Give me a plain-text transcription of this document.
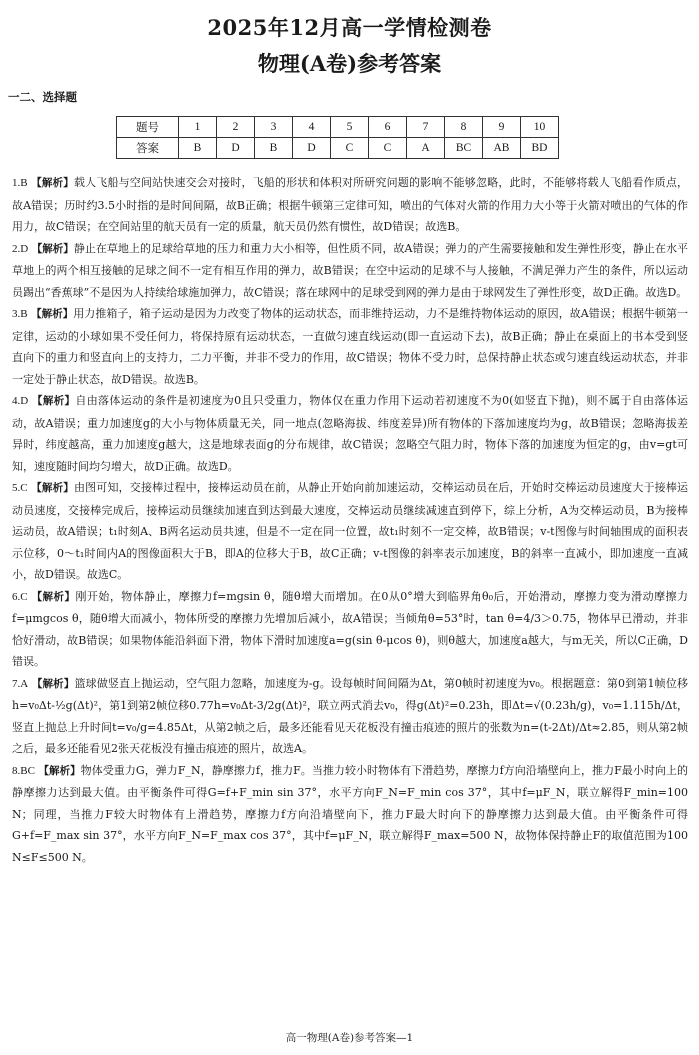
2025年12月高一学情检测卷
物理(A卷)参考答案

一二、选择题

题号	1	2	3	4	5	6	7	8	9	10
答案	B	D	B	D	C	C	A	BC	AB	BD

1.B 【解析】载人飞船与空间站快速交会对接时，飞船的形状和体积对所研究问题的影响不能够忽略，此时，不能够将载人飞船看作质点，故A错误；历时约3.5小时指的是时间间隔，故B正确；根据牛顿第三定律可知，喷出的气体对火箭的作用力大小等于火箭对喷出的气体的作用力，故C错误；在空间站里的航天员有一定的质量，航天员仍然有惯性，故D错误；故选B。

2.D 【解析】静止在草地上的足球给草地的压力和重力大小相等，但性质不同，故A错误；弹力的产生需要接触和发生弹性形变，静止在水平草地上的两个相互接触的足球之间不一定有相互作用的弹力，故B错误；在空中运动的足球不与人接触，不满足弹力产生的条件，所以运动员踢出“香蕉球”不是因为人持续给球施加弹力，故C错误；落在球网中的足球受到网的弹力是由于球网发生了弹性形变，故D正确。故选D。

3.B 【解析】用力推箱子，箱子运动是因为力改变了物体的运动状态，而非维持运动，力不是维持物体运动的原因，故A错误；根据牛顿第一定律，运动的小球如果不受任何力，将保持原有运动状态，一直做匀速直线运动(即一直运动下去)，故B正确；静止在桌面上的书本受到竖直向下的重力和竖直向上的支持力，二力平衡，并非不受力的作用，故C错误；物体不受力时，总保持静止状态或匀速直线运动状态，并非一定处于静止状态，故D错误。故选B。

4.D 【解析】自由落体运动的条件是初速度为0且只受重力，物体仅在重力作用下运动若初速度不为0(如竖直下抛)，则不属于自由落体运动，故A错误；重力加速度g的大小与物体质量无关，同一地点(忽略海拔、纬度差异)所有物体的下落加速度均为g，故B错误；忽略海拔差异时，纬度越高，重力加速度g越大，这是地球表面g的分布规律，故C错误；忽略空气阻力时，物体下落的加速度为恒定的g，由v=gt可知，速度随时间均匀增大，故D正确。故选D。

5.C 【解析】由图可知，交接棒过程中，接棒运动员在前，从静止开始向前加速运动，交棒运动员在后，开始时交棒运动员速度大于接棒运动员速度，交接棒完成后，接棒运动员继续加速直到达到最大速度，交棒运动员继续减速直到停下，综上分析，A为交棒运动员，B为接棒运动员，故A错误；t₁时刻A、B两名运动员共速，但是不一定在同一位置，故t₁时刻不一定交棒，故B错误；v-t图像与时间轴围成的面积表示位移，0～t₁时间内A的图像面积大于B，即A的位移大于B，故C正确；v-t图像的斜率表示加速度，B的斜率一直减小，即加速度一直减小，故D错误。故选C。

6.C 【解析】刚开始，物体静止，摩擦力f=mgsin θ，随θ增大而增加。在0从0°增大到临界角θ₀后，开始滑动，摩擦力变为滑动摩擦力f=μmgcos θ，随θ增大而减小，物体所受的摩擦力先增加后减小，故A错误；当倾角θ=53°时，tan θ=4/3＞0.75，物体早已滑动，并非恰好滑动，故B错误；如果物体能沿斜面下滑，物体下滑时加速度a=g(sin θ-μcos θ)，则θ越大，加速度a越大，与m无关，所以C正确，D错误。

7.A 【解析】篮球做竖直上抛运动，空气阻力忽略，加速度为-g。设每帧时间间隔为Δt，第0帧时初速度为v₀。根据题意：第0到第1帧位移h=v₀Δt-½g(Δt)²，第1到第2帧位移0.77h=v₀Δt-3/2g(Δt)²，联立两式消去v₀，得g(Δt)²=0.23h，即Δt=√(0.23h/g)，v₀=1.115h/Δt，竖直上抛总上升时间t=v₀/g=4.85Δt，从第2帧之后，最多还能看见天花板没有撞击痕迹的照片的张数为n=(t-2Δt)/Δt≈2.85，则从第2帧之后，最多还能看见2张天花板没有撞击痕迹的照片，故选A。

8.BC 【解析】物体受重力G，弹力F_N，静摩擦力f，推力F。当推力较小时物体有下滑趋势，摩擦力f方向沿墙壁向上，推力F最小时向上的静摩擦力达到最大值。由平衡条件可得G=f+F_min sin 37°，水平方向F_N=F_min cos 37°，其中f=μF_N，联立解得F_min=100 N；同理，当推力F较大时物体有上滑趋势，摩擦力f方向沿墙壁向下，推力F最大时向下的静摩擦力达到最大值。由平衡条件可得G+f=F_max sin 37°，水平方向F_N=F_max cos 37°，其中f=μF_N，联立解得F_max=500 N，故物体保持静止F的取值范围为100 N≤F≤500 N。

高一物理(A卷)参考答案—1
